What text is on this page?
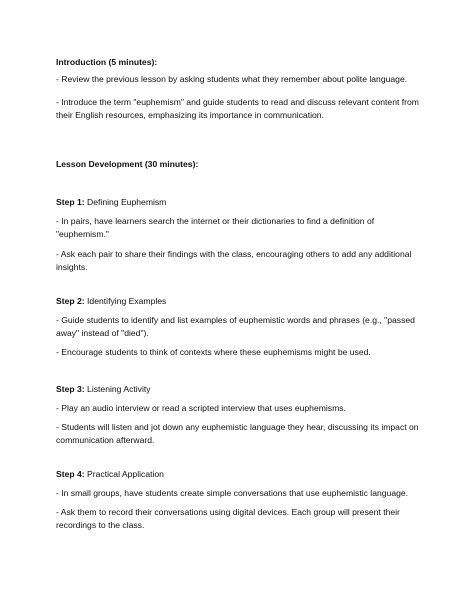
Introduction (5 minutes):

- Review the previous lesson by asking students what they remember about polite language.

- Introduce the term "euphemism" and guide students to read and discuss relevant content from their English resources, emphasizing its importance in communication.

Lesson Development (30 minutes):

Step 1: Defining Euphemism

- In pairs, have learners search the internet or their dictionaries to find a definition of "euphemism."

- Ask each pair to share their findings with the class, encouraging others to add any additional insights.

Step 2: Identifying Examples

- Guide students to identify and list examples of euphemistic words and phrases (e.g., "passed away" instead of "died").

- Encourage students to think of contexts where these euphemisms might be used.

Step 3: Listening Activity

- Play an audio interview or read a scripted interview that uses euphemisms.

- Students will listen and jot down any euphemistic language they hear, discussing its impact on communication afterward.

Step 4: Practical Application

- In small groups, have students create simple conversations that use euphemistic language.

- Ask them to record their conversations using digital devices. Each group will present their recordings to the class.
